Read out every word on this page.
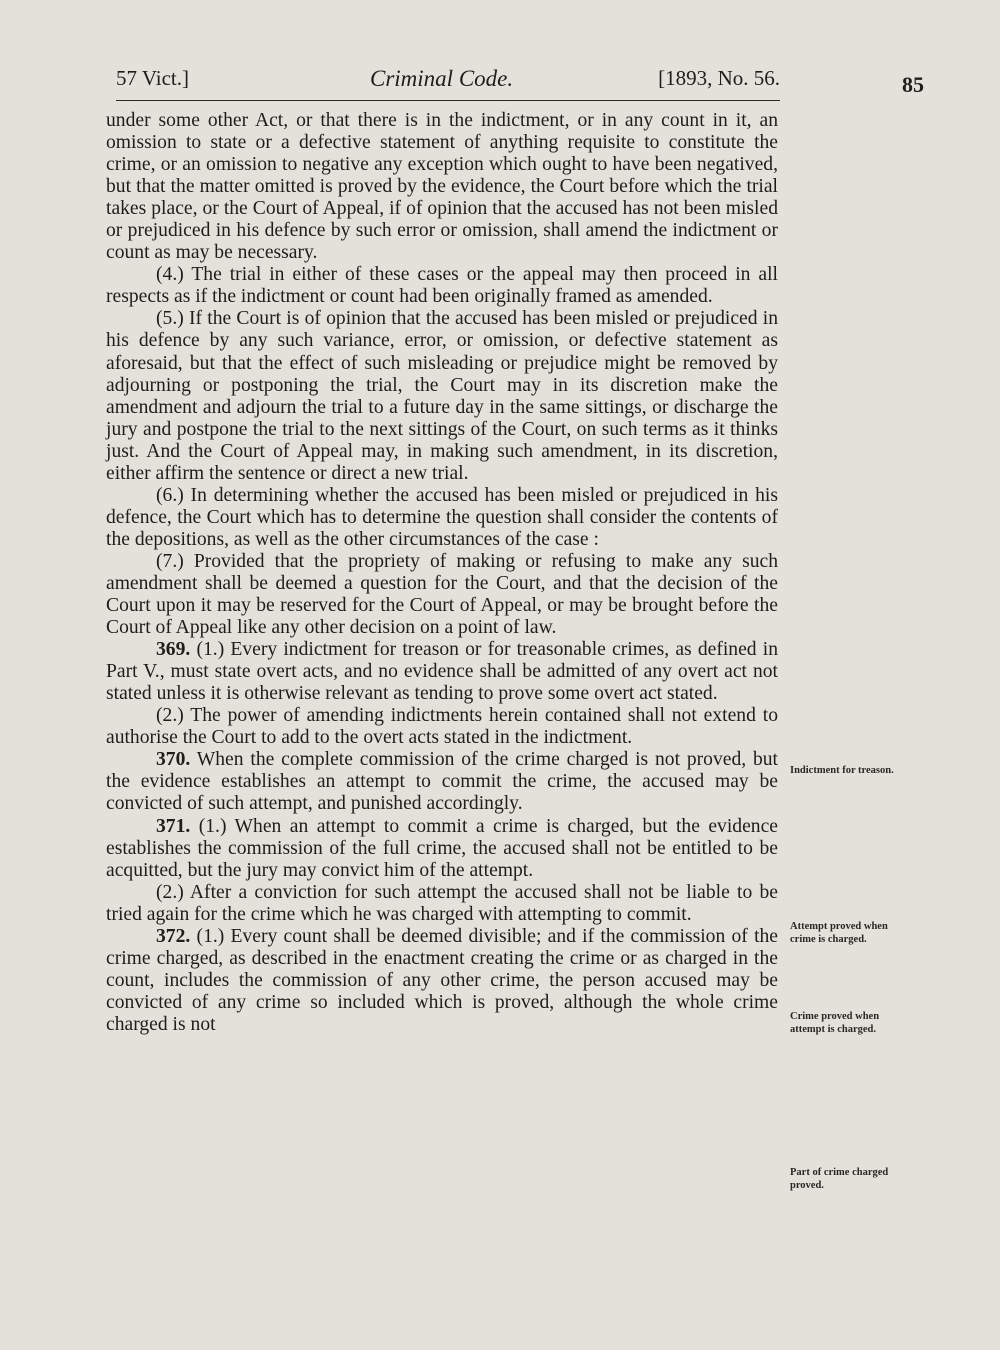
57 Vict.]	Criminal Code.	[1893, No. 56.	85

under some other Act, or that there is in the indictment, or in any count in it, an omission to state or a defective statement of anything requisite to constitute the crime, or an omission to negative any exception which ought to have been negatived, but that the matter omitted is proved by the evidence, the Court before which the trial takes place, or the Court of Appeal, if of opinion that the accused has not been misled or prejudiced in his defence by such error or omission, shall amend the indictment or count as may be necessary.

(4.) The trial in either of these cases or the appeal may then proceed in all respects as if the indictment or count had been originally framed as amended.

(5.) If the Court is of opinion that the accused has been misled or prejudiced in his defence by any such variance, error, or omission, or defective statement as aforesaid, but that the effect of such misleading or prejudice might be removed by adjourning or postponing the trial, the Court may in its discretion make the amendment and adjourn the trial to a future day in the same sittings, or discharge the jury and postpone the trial to the next sittings of the Court, on such terms as it thinks just. And the Court of Appeal may, in making such amendment, in its discretion, either affirm the sentence or direct a new trial.

(6.) In determining whether the accused has been misled or prejudiced in his defence, the Court which has to determine the question shall consider the contents of the depositions, as well as the other circumstances of the case :

(7.) Provided that the propriety of making or refusing to make any such amendment shall be deemed a question for the Court, and that the decision of the Court upon it may be reserved for the Court of Appeal, or may be brought before the Court of Appeal like any other decision on a point of law.

369. (1.) Every indictment for treason or for treasonable crimes, as defined in Part V., must state overt acts, and no evidence shall be admitted of any overt act not stated unless it is otherwise relevant as tending to prove some overt act stated.

(2.) The power of amending indictments herein contained shall not extend to authorise the Court to add to the overt acts stated in the indictment.

370. When the complete commission of the crime charged is not proved, but the evidence establishes an attempt to commit the crime, the accused may be convicted of such attempt, and punished accordingly.

371. (1.) When an attempt to commit a crime is charged, but the evidence establishes the commission of the full crime, the accused shall not be entitled to be acquitted, but the jury may convict him of the attempt.

(2.) After a conviction for such attempt the accused shall not be liable to be tried again for the crime which he was charged with attempting to commit.

372. (1.) Every count shall be deemed divisible; and if the commission of the crime charged, as described in the enactment creating the crime or as charged in the count, includes the commission of any other crime, the person accused may be convicted of any crime so included which is proved, although the whole crime charged is not

Indictment for treason.
Attempt proved when crime is charged.
Crime proved when attempt is charged.
Part of crime charged proved.
